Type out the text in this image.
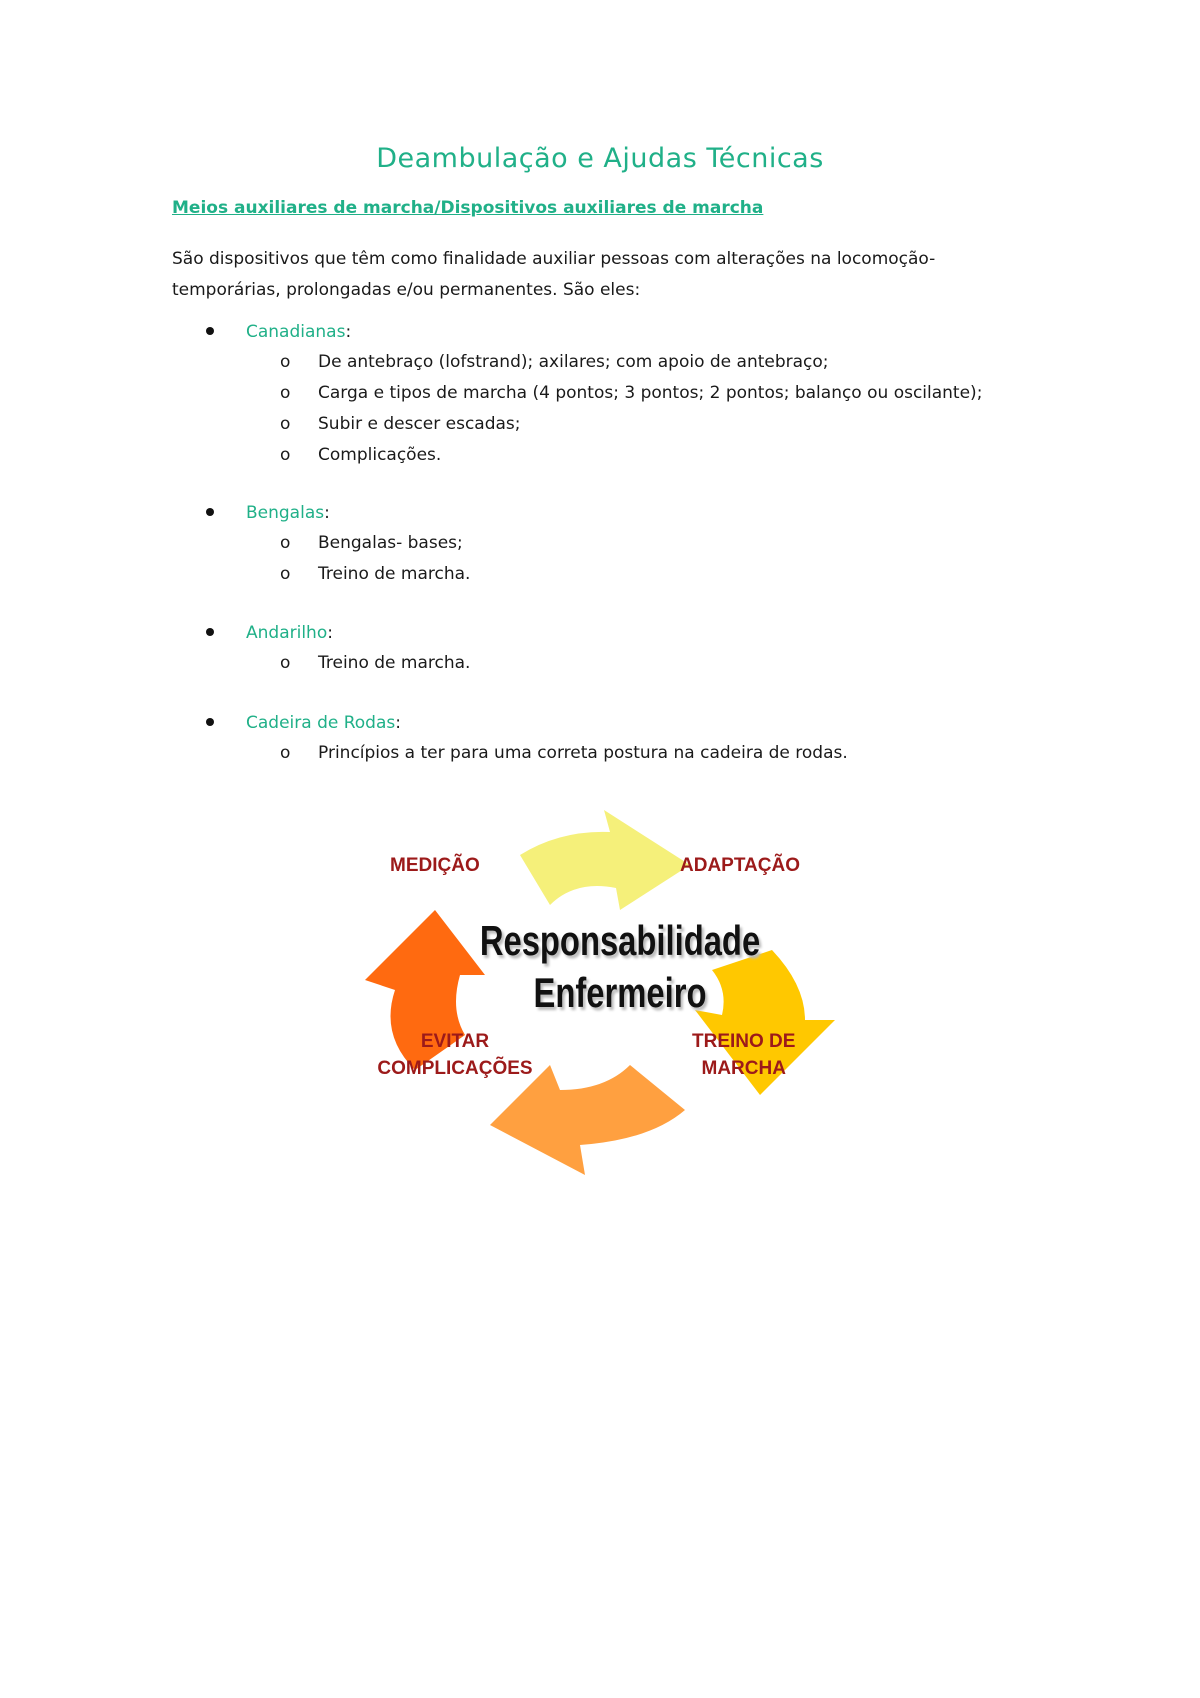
Deambulação e Ajudas Técnicas

Meios auxiliares de marcha/Dispositivos auxiliares de marcha

São dispositivos que têm como finalidade auxiliar pessoas com alterações na locomoção-
temporárias, prolongadas e/ou permanentes. São eles:
Canadianas:
o De antebraço (lofstrand); axilares; com apoio de antebraço;
o Carga e tipos de marcha (4 pontos; 3 pontos; 2 pontos; balanço ou oscilante);
o Subir e descer escadas;
o Complicações.
Bengalas:
o Bengalas- bases;
o Treino de marcha.
Andarilho:
o Treino de marcha.
Cadeira de Rodas:
o Princípios a ter para uma correta postura na cadeira de rodas.
MEDIÇÃO	ADAPTAÇÃO
TREINO DE
MARCHA
EVITAR
COMPLICAÇÕES
Responsabilidade
Enfermeiro
